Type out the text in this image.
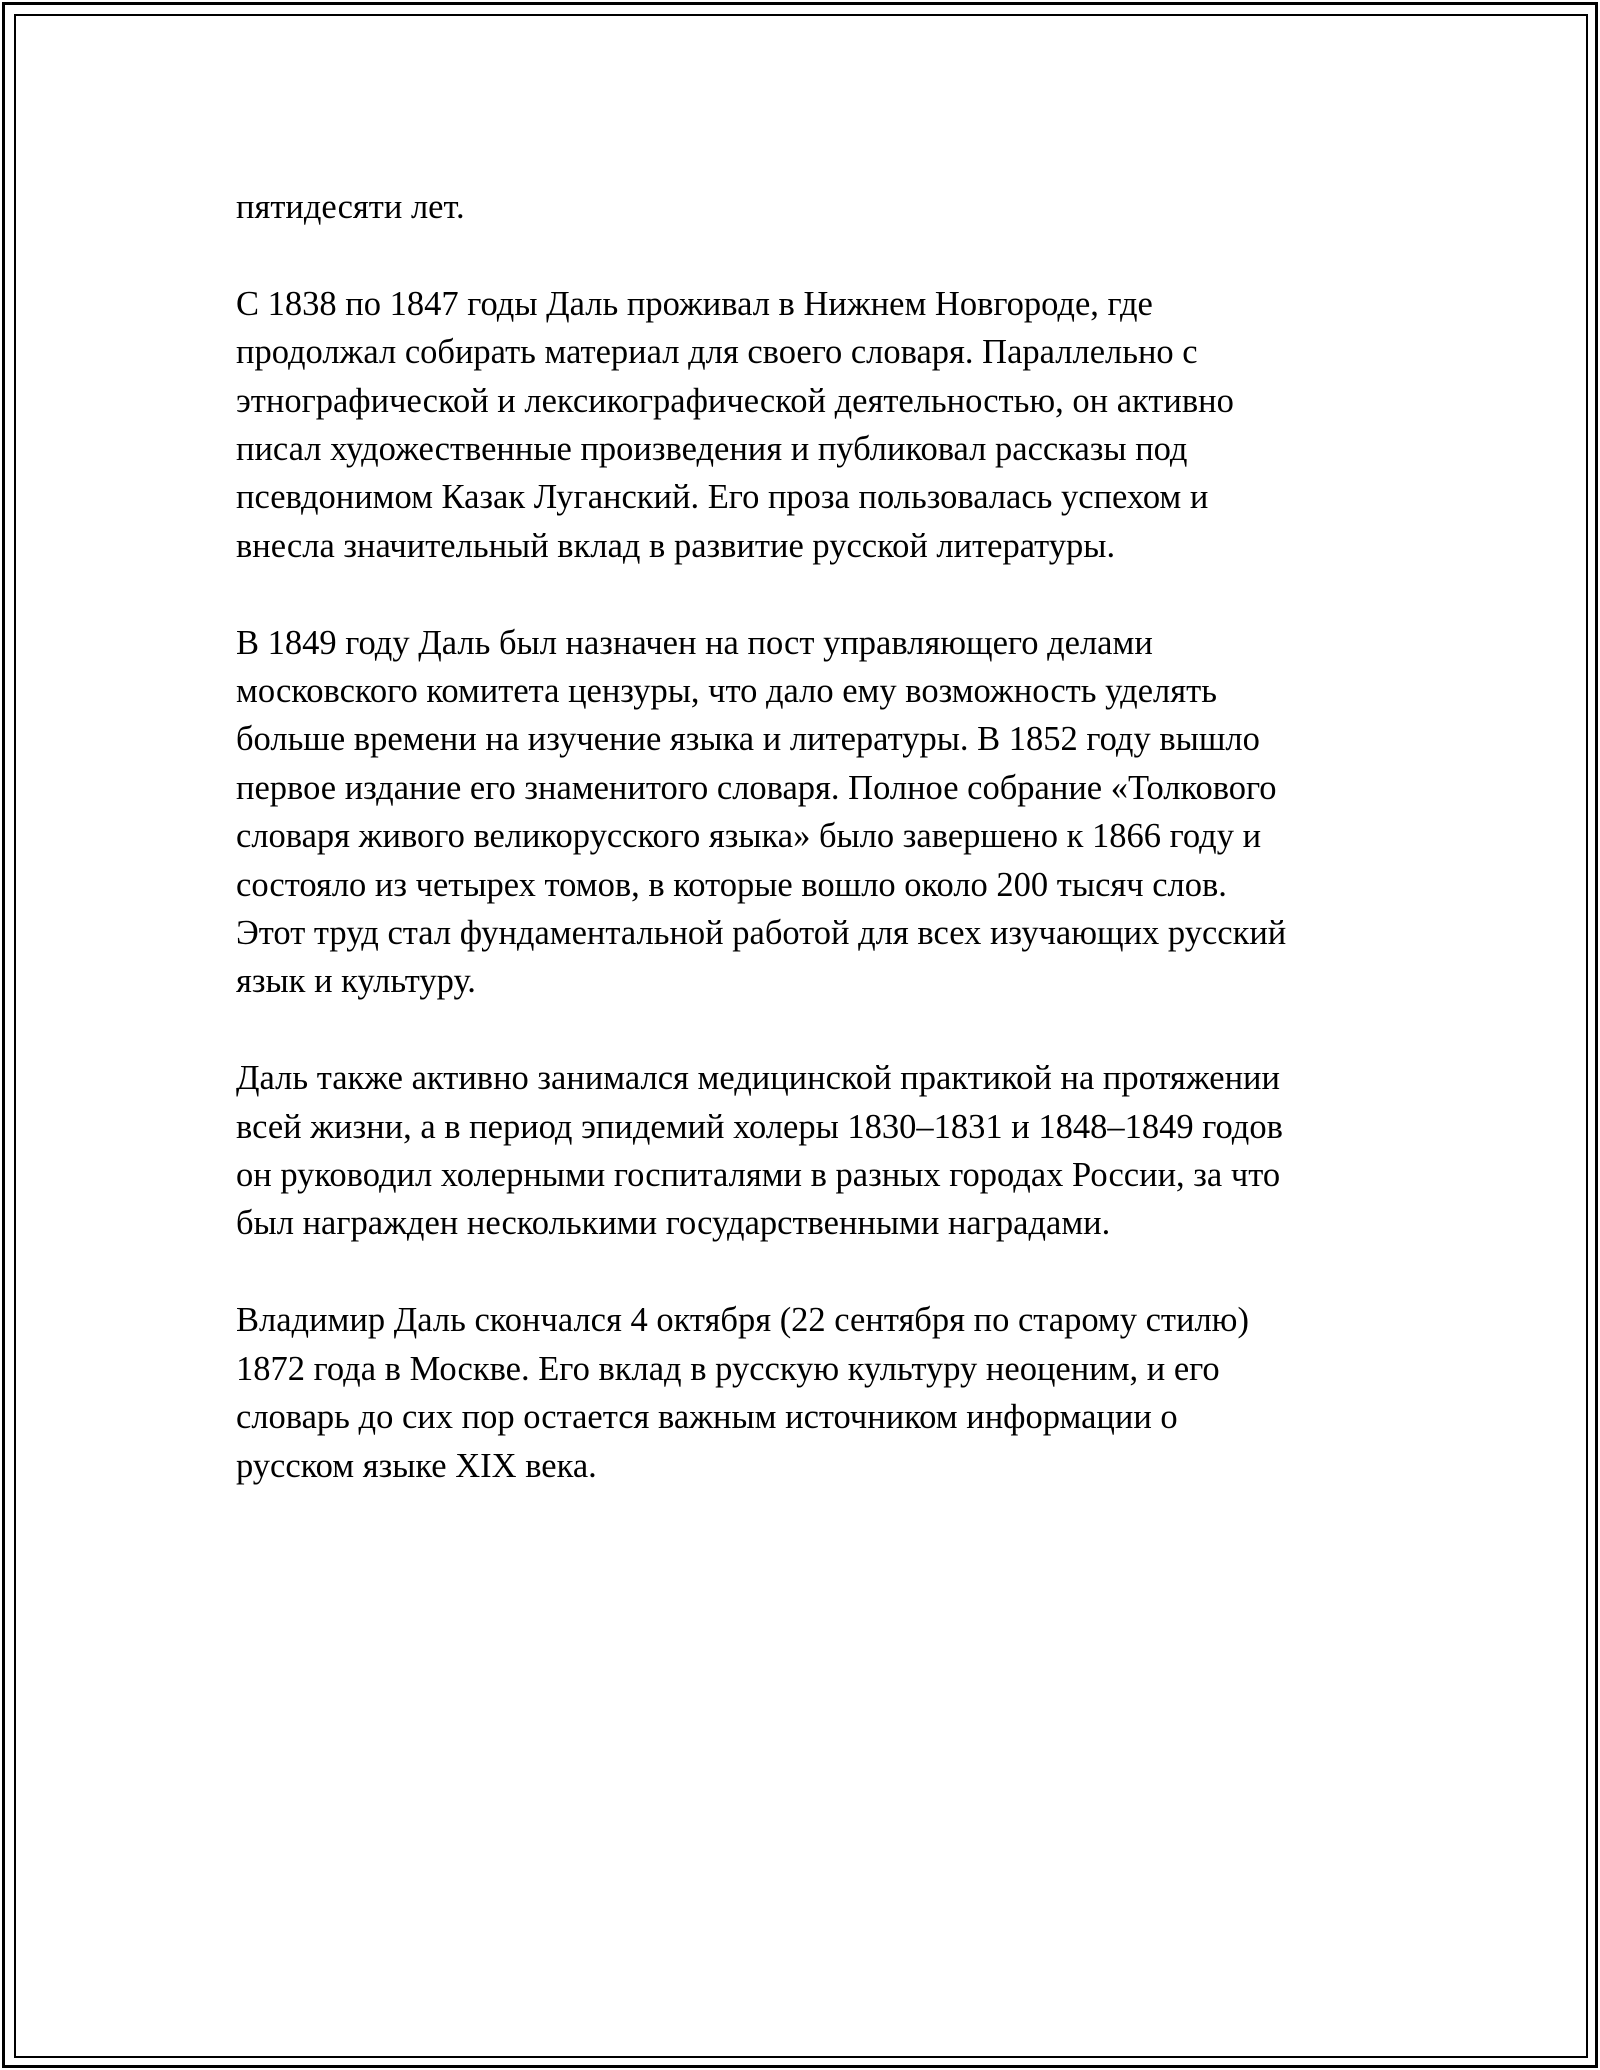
пятидесяти лет.

С 1838 по 1847 годы Даль проживал в Нижнем Новгороде, где
продолжал собирать материал для своего словаря. Параллельно с
этнографической и лексикографической деятельностью, он активно
писал художественные произведения и публиковал рассказы под
псевдонимом Казак Луганский. Его проза пользовалась успехом и
внесла значительный вклад в развитие русской литературы.

В 1849 году Даль был назначен на пост управляющего делами
московского комитета цензуры, что дало ему возможность уделять
больше времени на изучение языка и литературы. В 1852 году вышло
первое издание его знаменитого словаря. Полное собрание «Толкового
словаря живого великорусского языка» было завершено к 1866 году и
состояло из четырех томов, в которые вошло около 200 тысяч слов.
Этот труд стал фундаментальной работой для всех изучающих русский
язык и культуру.

Даль также активно занимался медицинской практикой на протяжении
всей жизни, а в период эпидемий холеры 1830–1831 и 1848–1849 годов
он руководил холерными госпиталями в разных городах России, за что
был награжден несколькими государственными наградами.

Владимир Даль скончался 4 октября (22 сентября по старому стилю)
1872 года в Москве. Его вклад в русскую культуру неоценим, и его
словарь до сих пор остается важным источником информации о
русском языке XIX века.
